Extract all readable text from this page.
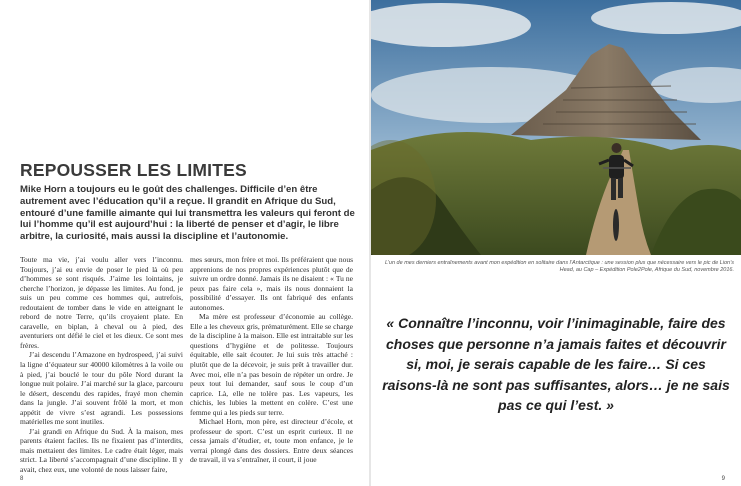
REPOUSSER LES LIMITES

Mike Horn a toujours eu le goût des challenges. Difficile d’en être autrement avec l’éducation qu’il a reçue. Il grandit en Afrique du Sud, entouré d’une famille aimante qui lui transmettra les valeurs qui feront de lui l’homme qu’il est aujourd’hui : la liberté de penser et d’agir, le libre arbitre, la curiosité, mais aussi la discipline et l’autonomie.

Toute ma vie, j’ai voulu aller vers l’inconnu. Toujours, j’ai eu envie de poser le pied là où peu d’hommes se sont risqués. J’aime les lointains, je cherche l’horizon, je dépasse les limites. Au fond, je suis un peu comme ces hommes qui, autrefois, redoutaient de tomber dans le vide en atteignant le rebord de notre Terre, qu’ils croyaient plate. En caravelle, en biplan, à cheval ou à pied, des aventuriers ont défié le ciel et les dieux. Ce sont mes frères.

J’ai descendu l’Amazone en hydrospeed, j’ai suivi la ligne d’équateur sur 40000 kilomètres à la voile ou à pied, j’ai bouclé le tour du pôle Nord durant la longue nuit polaire. J’ai marché sur la glace, parcouru le désert, descendu des rapides, frayé mon chemin dans la jungle. J’ai souvent frôlé la mort, et mon appétit de vivre s’est agrandi. Les possessions matérielles me sont inutiles.

J’ai grandi en Afrique du Sud. À la maison, mes parents étaient faciles. Ils ne fixaient pas d’interdits, mais mettaient des limites. Le cadre était léger, mais strict. La liberté s’accompagnait d’une discipline. Il y avait, chez eux, une volonté de nous laisser faire,

mes sœurs, mon frère et moi. Ils préféraient que nous apprenions de nos propres expériences plutôt que de suivre un ordre donné. Jamais ils ne disaient : « Tu ne peux pas faire cela », mais ils nous donnaient la possibilité d’essayer. Ils ont fabriqué des enfants autonomes.

Ma mère est professeur d’économie au collège. Elle a les cheveux gris, prématurément. Elle se charge de la discipline à la maison. Elle est intraitable sur les questions d’hygiène et de politesse. Toujours équitable, elle sait écouter. Je lui suis très attaché : plutôt que de la décevoir, je suis prêt à travailler dur. Avec moi, elle n’a pas besoin de répéter un ordre. Je peux tout lui demander, sauf sous le coup d’un caprice. Là, elle ne tolère pas. Les vapeurs, les chichis, les lubies la mettent en colère. C’est une femme qui a les pieds sur terre.

Michael Horn, mon père, est directeur d’école, et professeur de sport. C’est un esprit curieux. Il ne cessa jamais d’étudier, et, toute mon enfance, je le verrai plongé dans des dossiers. Entre deux séances de travail, il va s’entraîner, il court, il joue

8
L’un de mes derniers entraînements avant mon expédition en solitaire dans l’Antarctique : une session plus que nécessaire vers le pic de Lion’s Head, au Cap – Expédition Pole2Pole, Afrique du Sud, novembre 2016.

« Connaître l’inconnu, voir l’inimaginable, faire des choses que personne n’a jamais faites et découvrir si, moi, je serais capable de les faire… Si ces raisons-là ne sont pas suffisantes, alors… je ne sais pas ce qui l’est. »

9
